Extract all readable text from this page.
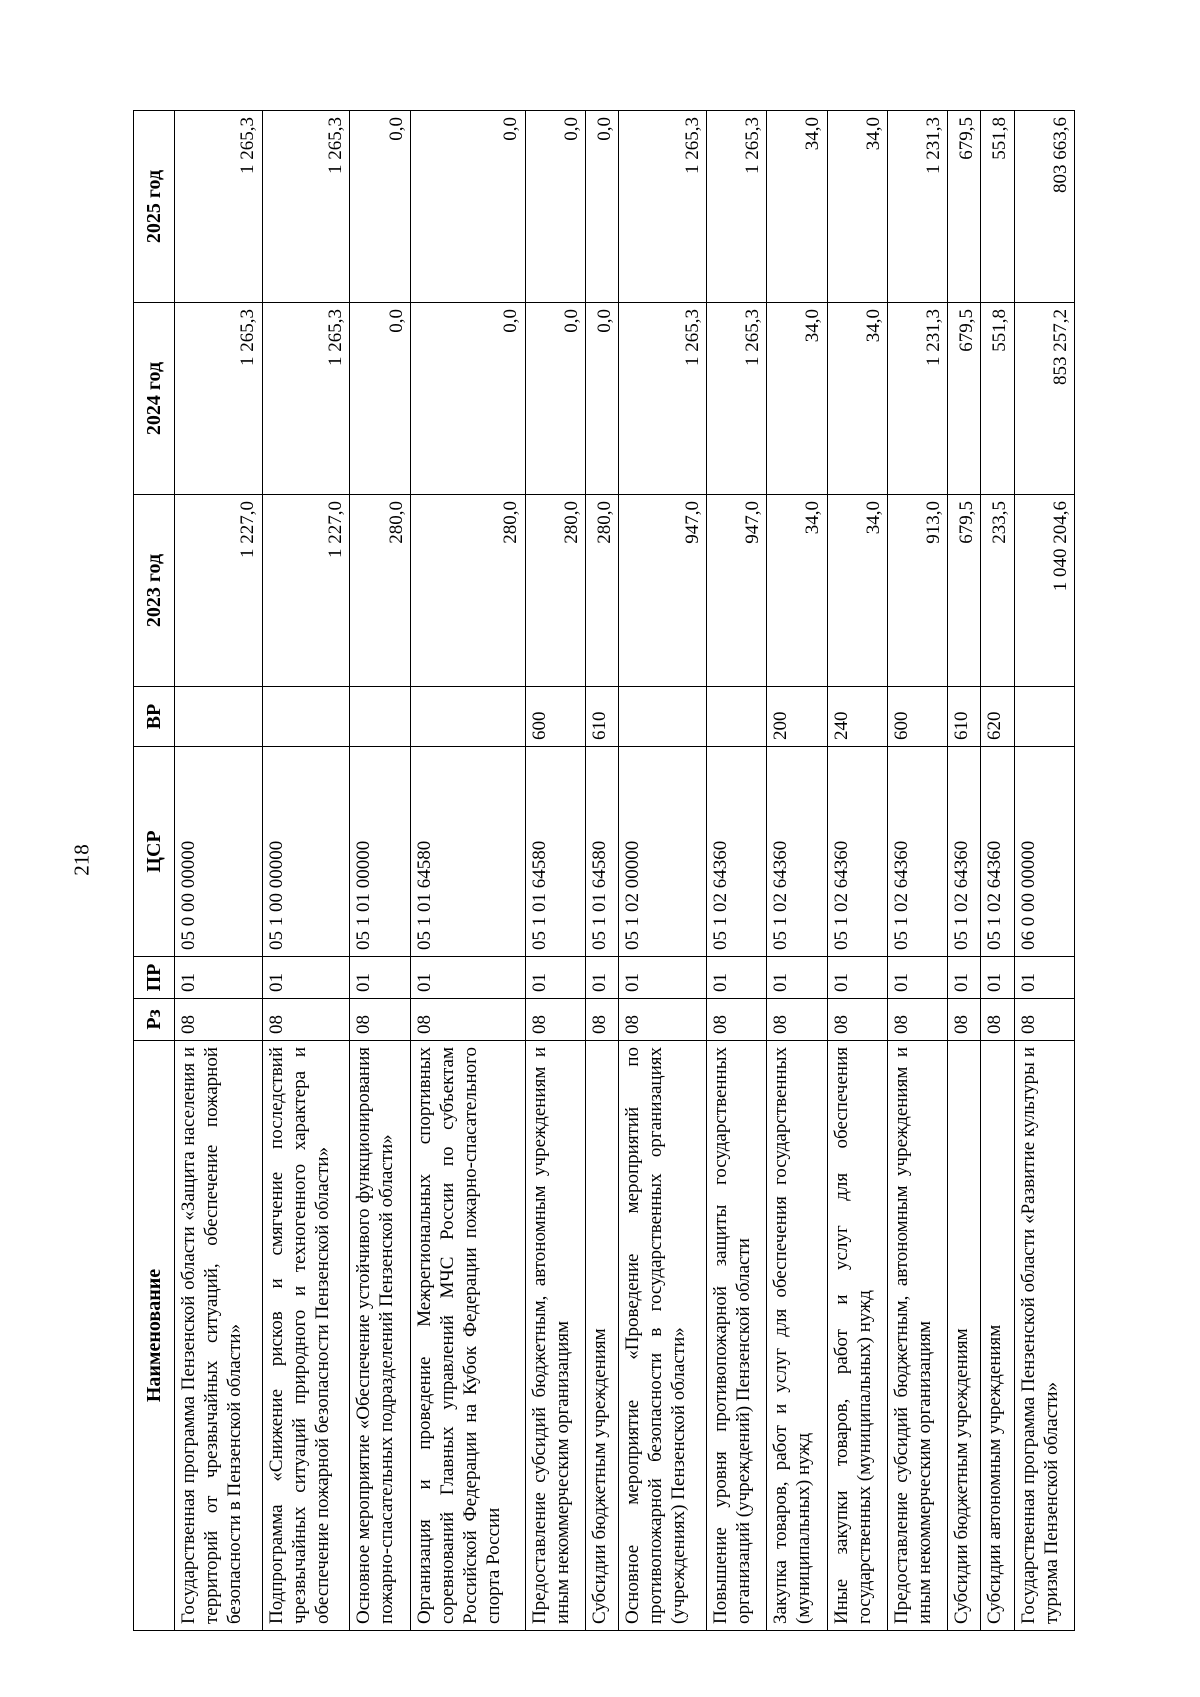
218
Наименование	Рз	ПР	ЦСР	ВР	2023 год	2024 год	2025 год
Государственная программа Пензенской области «Защита населения и территорий от чрезвычайных ситуаций, обеспечение пожарной безопасности в Пензенской области»	08	01	05 0 00 00000		1 227,0	1 265,3	1 265,3
Подпрограмма «Снижение рисков и смягчение последствий чрезвычайных ситуаций природного и техногенного характера и обеспечение пожарной безопасности Пензенской области»	08	01	05 1 00 00000		1 227,0	1 265,3	1 265,3
Основное мероприятие «Обеспечение устойчивого функционирования пожарно-спасательных подразделений Пензенской области»	08	01	05 1 01 00000		280,0	0,0	0,0
Организация и проведение Межрегиональных спортивных соревнований Главных управлений МЧС России по субъектам Российской Федерации на Кубок Федерации пожарно-спасательного спорта России	08	01	05 1 01 64580		280,0	0,0	0,0
Предоставление субсидий бюджетным, автономным учреждениям и иным некоммерческим организациям	08	01	05 1 01 64580	600	280,0	0,0	0,0
Субсидии бюджетным учреждениям	08	01	05 1 01 64580	610	280,0	0,0	0,0
Основное мероприятие «Проведение мероприятий по противопожарной безопасности в государственных организациях (учреждениях) Пензенской области»	08	01	05 1 02 00000		947,0	1 265,3	1 265,3
Повышение уровня противопожарной защиты государственных организаций (учреждений) Пензенской области	08	01	05 1 02 64360		947,0	1 265,3	1 265,3
Закупка товаров, работ и услуг для обеспечения государственных (муниципальных) нужд	08	01	05 1 02 64360	200	34,0	34,0	34,0
Иные закупки товаров, работ и услуг для обеспечения государственных (муниципальных) нужд	08	01	05 1 02 64360	240	34,0	34,0	34,0
Предоставление субсидий бюджетным, автономным учреждениям и иным некоммерческим организациям	08	01	05 1 02 64360	600	913,0	1 231,3	1 231,3
Субсидии бюджетным учреждениям	08	01	05 1 02 64360	610	679,5	679,5	679,5
Субсидии автономным учреждениям	08	01	05 1 02 64360	620	233,5	551,8	551,8
Государственная программа Пензенской области «Развитие культуры и туризма Пензенской области»	08	01	06 0 00 00000		1 040 204,6	853 257,2	803 663,6
